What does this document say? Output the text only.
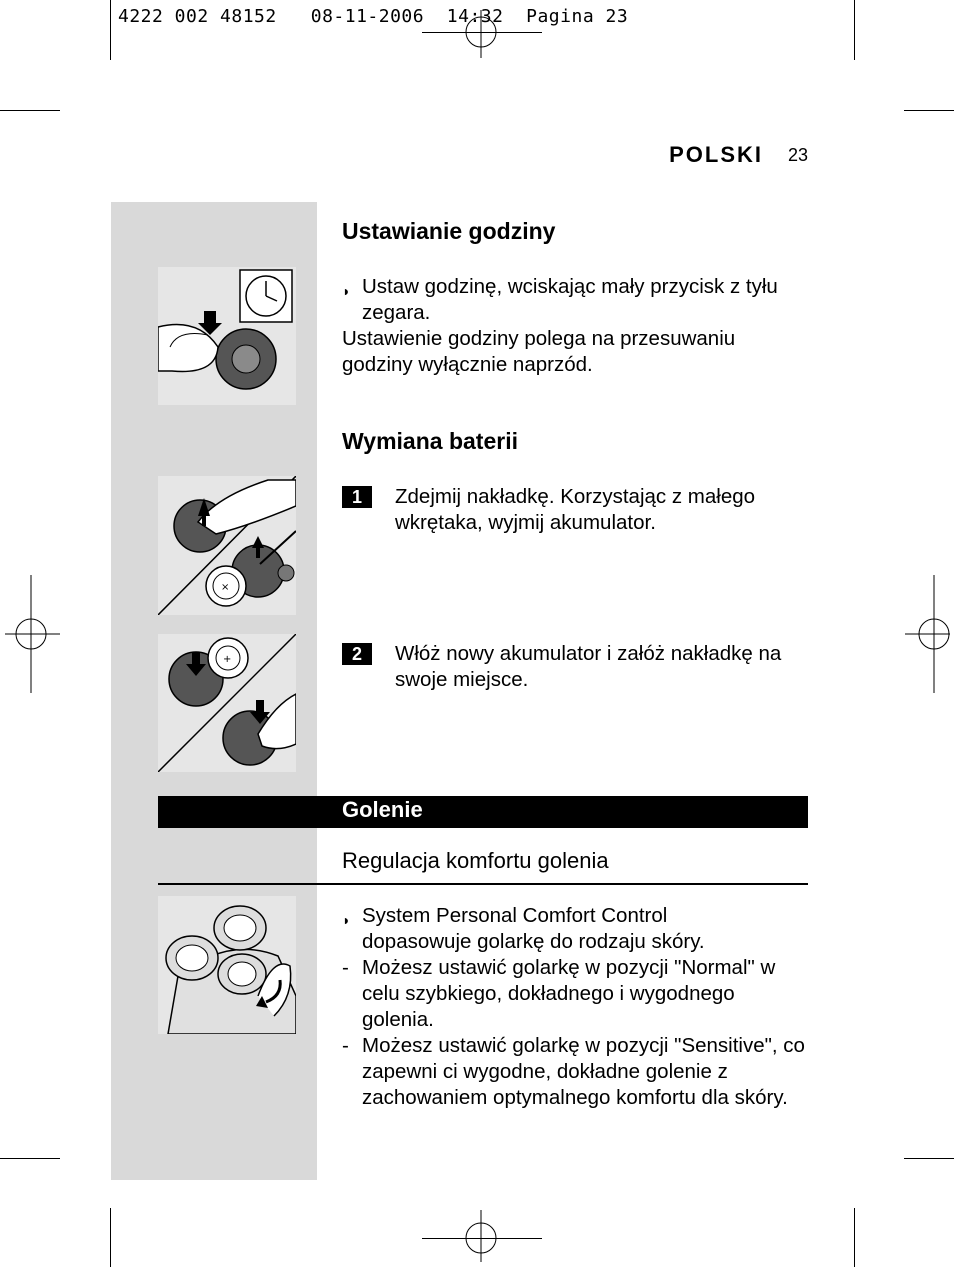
4222 002 48152   08-11-2006  14:32  Pagina 23
POLSKI 23
×
+
Ustawianie godziny
◗ Ustaw godzinę, wciskając mały przycisk z tyłu
zegara.
Ustawienie godziny polega na przesuwaniu
godziny wyłącznie naprzód.
Wymiana baterii
1	Zdejmij nakładkę. Korzystając z małego
wkrętaka, wyjmij akumulator.
2	Włóż nowy akumulator i załóż nakładkę na
swoje miejsce.
Golenie
Regulacja komfortu golenia
◗ System Personal Comfort Control
dopasowuje golarkę do rodzaju skóry.
- Możesz ustawić golarkę w pozycji "Normal" w
celu szybkiego, dokładnego i wygodnego
golenia.
- Możesz ustawić golarkę w pozycji "Sensitive", co
zapewni ci wygodne, dokładne golenie z
zachowaniem optymalnego komfortu dla skóry.
